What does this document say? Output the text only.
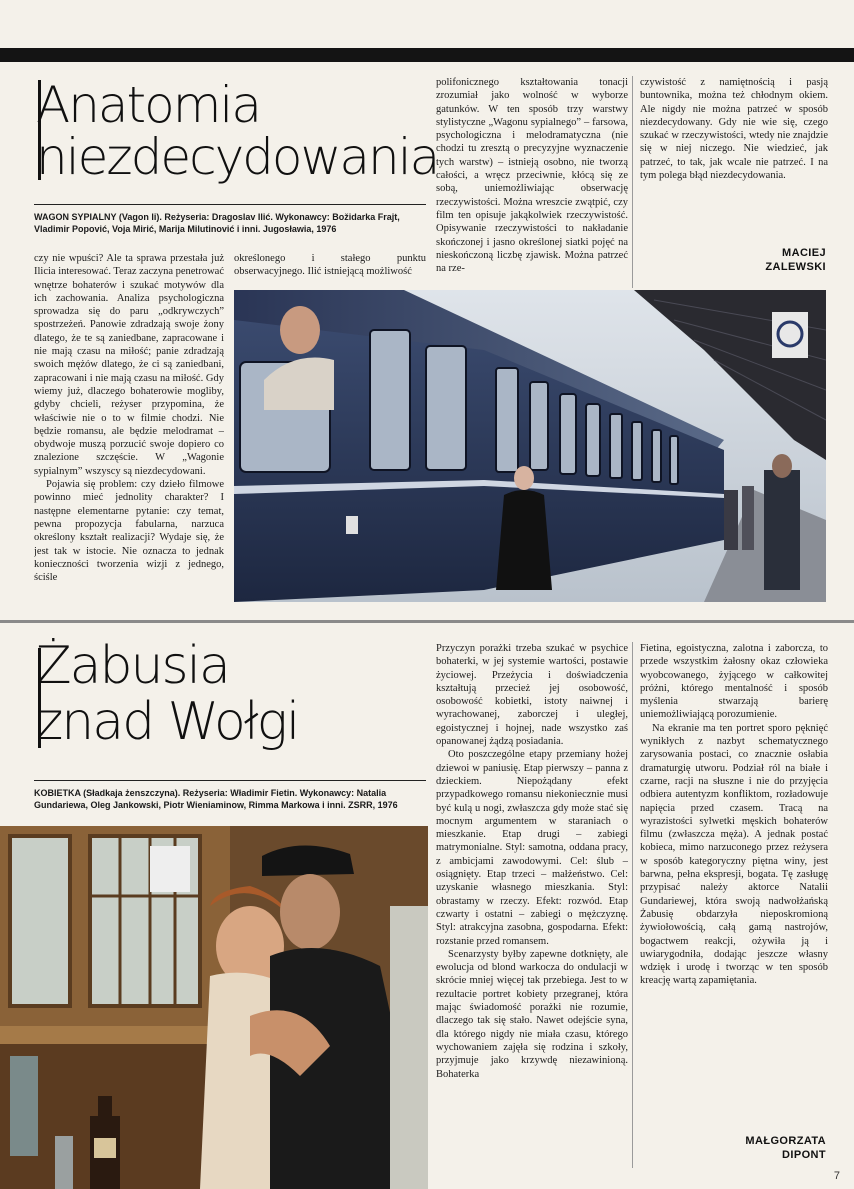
Anatomia
niezdecydowania
WAGON SYPIALNY (Vagon li). Reżyseria: Dragoslav Ilić. Wykonawcy: Božidarka Frajt, Vladimir Popović, Voja Mirić, Marija Milutinović i inni. Jugosławia, 1976

czy nie wpuści? Ale ta sprawa przestała już Ilicia interesować. Teraz zaczyna penetrować wnętrze bohaterów i szukać motywów dla ich zachowania. Analiza psychologiczna sprowadza się do paru „odkrywczych” spostrzeżeń. Panowie zdradzają swoje żony dlatego, że te są zaniedbane, zapracowane i nie mają czasu na miłość; panie zdradzają swoich mężów dlatego, że ci są zaniedbani, zapracowani i nie mają czasu na miłość. Gdy wiemy już, dlaczego bohaterowie mogliby, gdyby chcieli, reżyser przypomina, że właściwie nie o to w filmie chodzi. Nie będzie romansu, ale będzie melodramat – obydwoje muszą porzucić swoje dopiero co znalezione szczęście. W „Wagonie sypialnym” wszyscy są niezdecydowani.

Pojawia się problem: czy dzieło filmowe powinno mieć jednolity charakter? I następne elementarne pytanie: czy temat, pewna propozycja fabularna, narzuca określony kształt realizacji? Wydaje się, że jest tak w istocie. Nie oznacza to jednak konieczności tworzenia wizji z jednego, ściśle

określonego i stałego punktu obserwacyjnego. Ilić istniejącą możliwość
polifonicznego kształtowania tonacji zrozumiał jako wolność w wyborze gatunków. W ten sposób trzy warstwy stylistyczne „Wagonu sypialnego” – farsowa, psychologiczna i melodramatyczna (nie chodzi tu zresztą o precyzyjne wyznaczenie tych warstw) – istnieją osobno, nie tworzą całości, a wręcz przeciwnie, kłócą się ze sobą, uniemożliwiając obserwację rzeczywistości. Można wreszcie zwątpić, czy film ten opisuje jakąkolwiek rzeczywistość. Opisywanie rzeczywistości to nakładanie skończonej i jasno określonej siatki pojęć na nieskończoną liczbę zjawisk. Można patrzeć na rze-
czywistość z namiętnością i pasją buntownika, można też chłodnym okiem. Ale nigdy nie można patrzeć w sposób niezdecydowany. Gdy nie wie się, czego szukać w rzeczywistości, wtedy nie znajdzie się w niej niczego. Nie wiedzieć, jak patrzeć, to tak, jak wcale nie patrzeć. I na tym polega błąd niezdecydowania.
MACIEJ
ZALEWSKI
Żabusia
znad Wołgi
KOBIETKA (Sładkaja żenszczyna). Reżyseria: Władimir Fietin. Wykonawcy: Natalia Gundariewa, Oleg Jankowski, Piotr Wieniaminow, Rimma Markowa i inni. ZSRR, 1976

Przyczyn porażki trzeba szukać w psychice bohaterki, w jej systemie wartości, postawie życiowej. Przeżycia i doświadczenia kształtują przecież jej osobowość, osobowość kobietki, istoty naiwnej i wyrachowanej, zaborczej i uległej, egoistycznej i hojnej, nade wszystko zaś opanowanej żądzą posiadania.

Oto poszczególne etapy przemiany hożej dziewoi w paniusię. Etap pierwszy – panna z dzieckiem. Niepożądany efekt przypadkowego romansu niekoniecznie musi być kulą u nogi, zwłaszcza gdy może stać się mocnym argumentem w staraniach o mieszkanie. Etap drugi – zabiegi matrymonialne. Styl: samotna, oddana pracy, z ambicjami zawodowymi. Cel: ślub – osiągnięty. Etap trzeci – małżeństwo. Cel: uzyskanie własnego mieszkania. Styl: obrastamy w rzeczy. Efekt: rozwód. Etap czwarty i ostatni – zabiegi o mężczyznę. Styl: atrakcyjna zasobna, gospodarna. Efekt: rozstanie przed romansem.

Scenarzysty byłby zapewne dotknięty, ale ewolucja od blond warkocza do ondulacji w skrócie mniej więcej tak przebiega. Jest to w rezultacie portret kobiety przegranej, która mając świadomość porażki nie rozumie, dlaczego tak się stało. Nawet odejście syna, dla którego nigdy nie miała czasu, którego wychowaniem zajęła się rodzina i szkoły, przyjmuje jako krzywdę niezawinioną. Bohaterka

Fietina, egoistyczna, zalotna i zaborcza, to przede wszystkim żałosny okaz człowieka wyobcowanego, żyjącego w całkowitej próżni, którego mentalność i sposób myślenia stwarzają barierę uniemożliwiającą porozumienie.

Na ekranie ma ten portret sporo pęknięć wynikłych z nazbyt schematycznego zarysowania postaci, co znacznie osłabia dramaturgię utworu. Podział ról na białe i czarne, racji na słuszne i nie do przyjęcia odbiera autentyzm konfliktom, rozładowuje napięcia przed czasem. Tracą na wyrazistości sylwetki męskich bohaterów filmu (zwłaszcza męża). A jednak postać kobieca, mimo narzuconego przez reżysera w sposób kategoryczny piętna winy, jest barwna, pełna ekspresji, bogata. Tę zasługę przypisać należy aktorce Natalii Gundariewej, która swoją nadwołżańską Żabusię obdarzyła nieposkromioną żywiołowością, całą gamą nastrojów, bogactwem reakcji, ożywiła ją i uwiarygodniła, dodając jeszcze własny wdzięk i urodę i tworząc w ten sposób kreację wartą zapamiętania.

MAŁGORZATA
DIPONT
7
